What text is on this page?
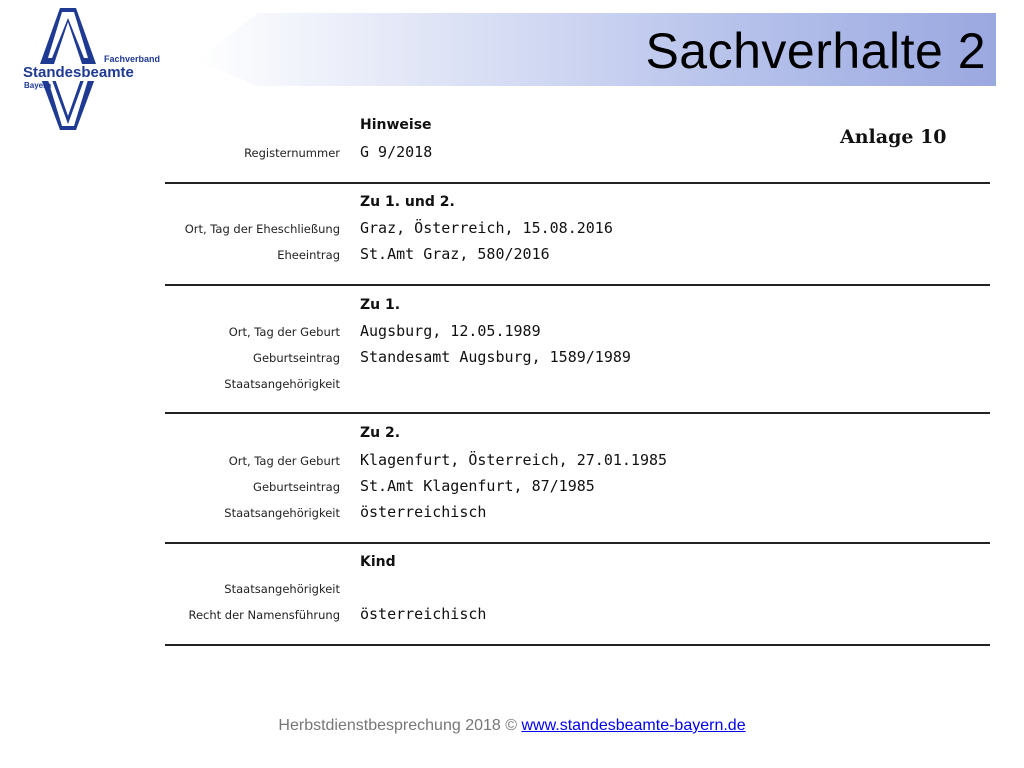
Fachverband
Standesbeamte
Bayern
Sachverhalte 2
Anlage 10
Hinweise
Registernummer G 9/2018
Zu 1. und 2.
Ort, Tag der Eheschließung Graz, Österreich, 15.08.2016
Eheeintrag St.Amt Graz, 580/2016
Zu 1.
Ort, Tag der Geburt Augsburg, 12.05.1989
Geburtseintrag Standesamt Augsburg, 1589/1989
Staatsangehörigkeit
Zu 2.
Ort, Tag der Geburt Klagenfurt, Österreich, 27.01.1985
Geburtseintrag St.Amt Klagenfurt, 87/1985
Staatsangehörigkeit österreichisch
Kind
Staatsangehörigkeit
Recht der Namensführung österreichisch
Herbstdienstbesprechung 2018 © www.standesbeamte-bayern.de
